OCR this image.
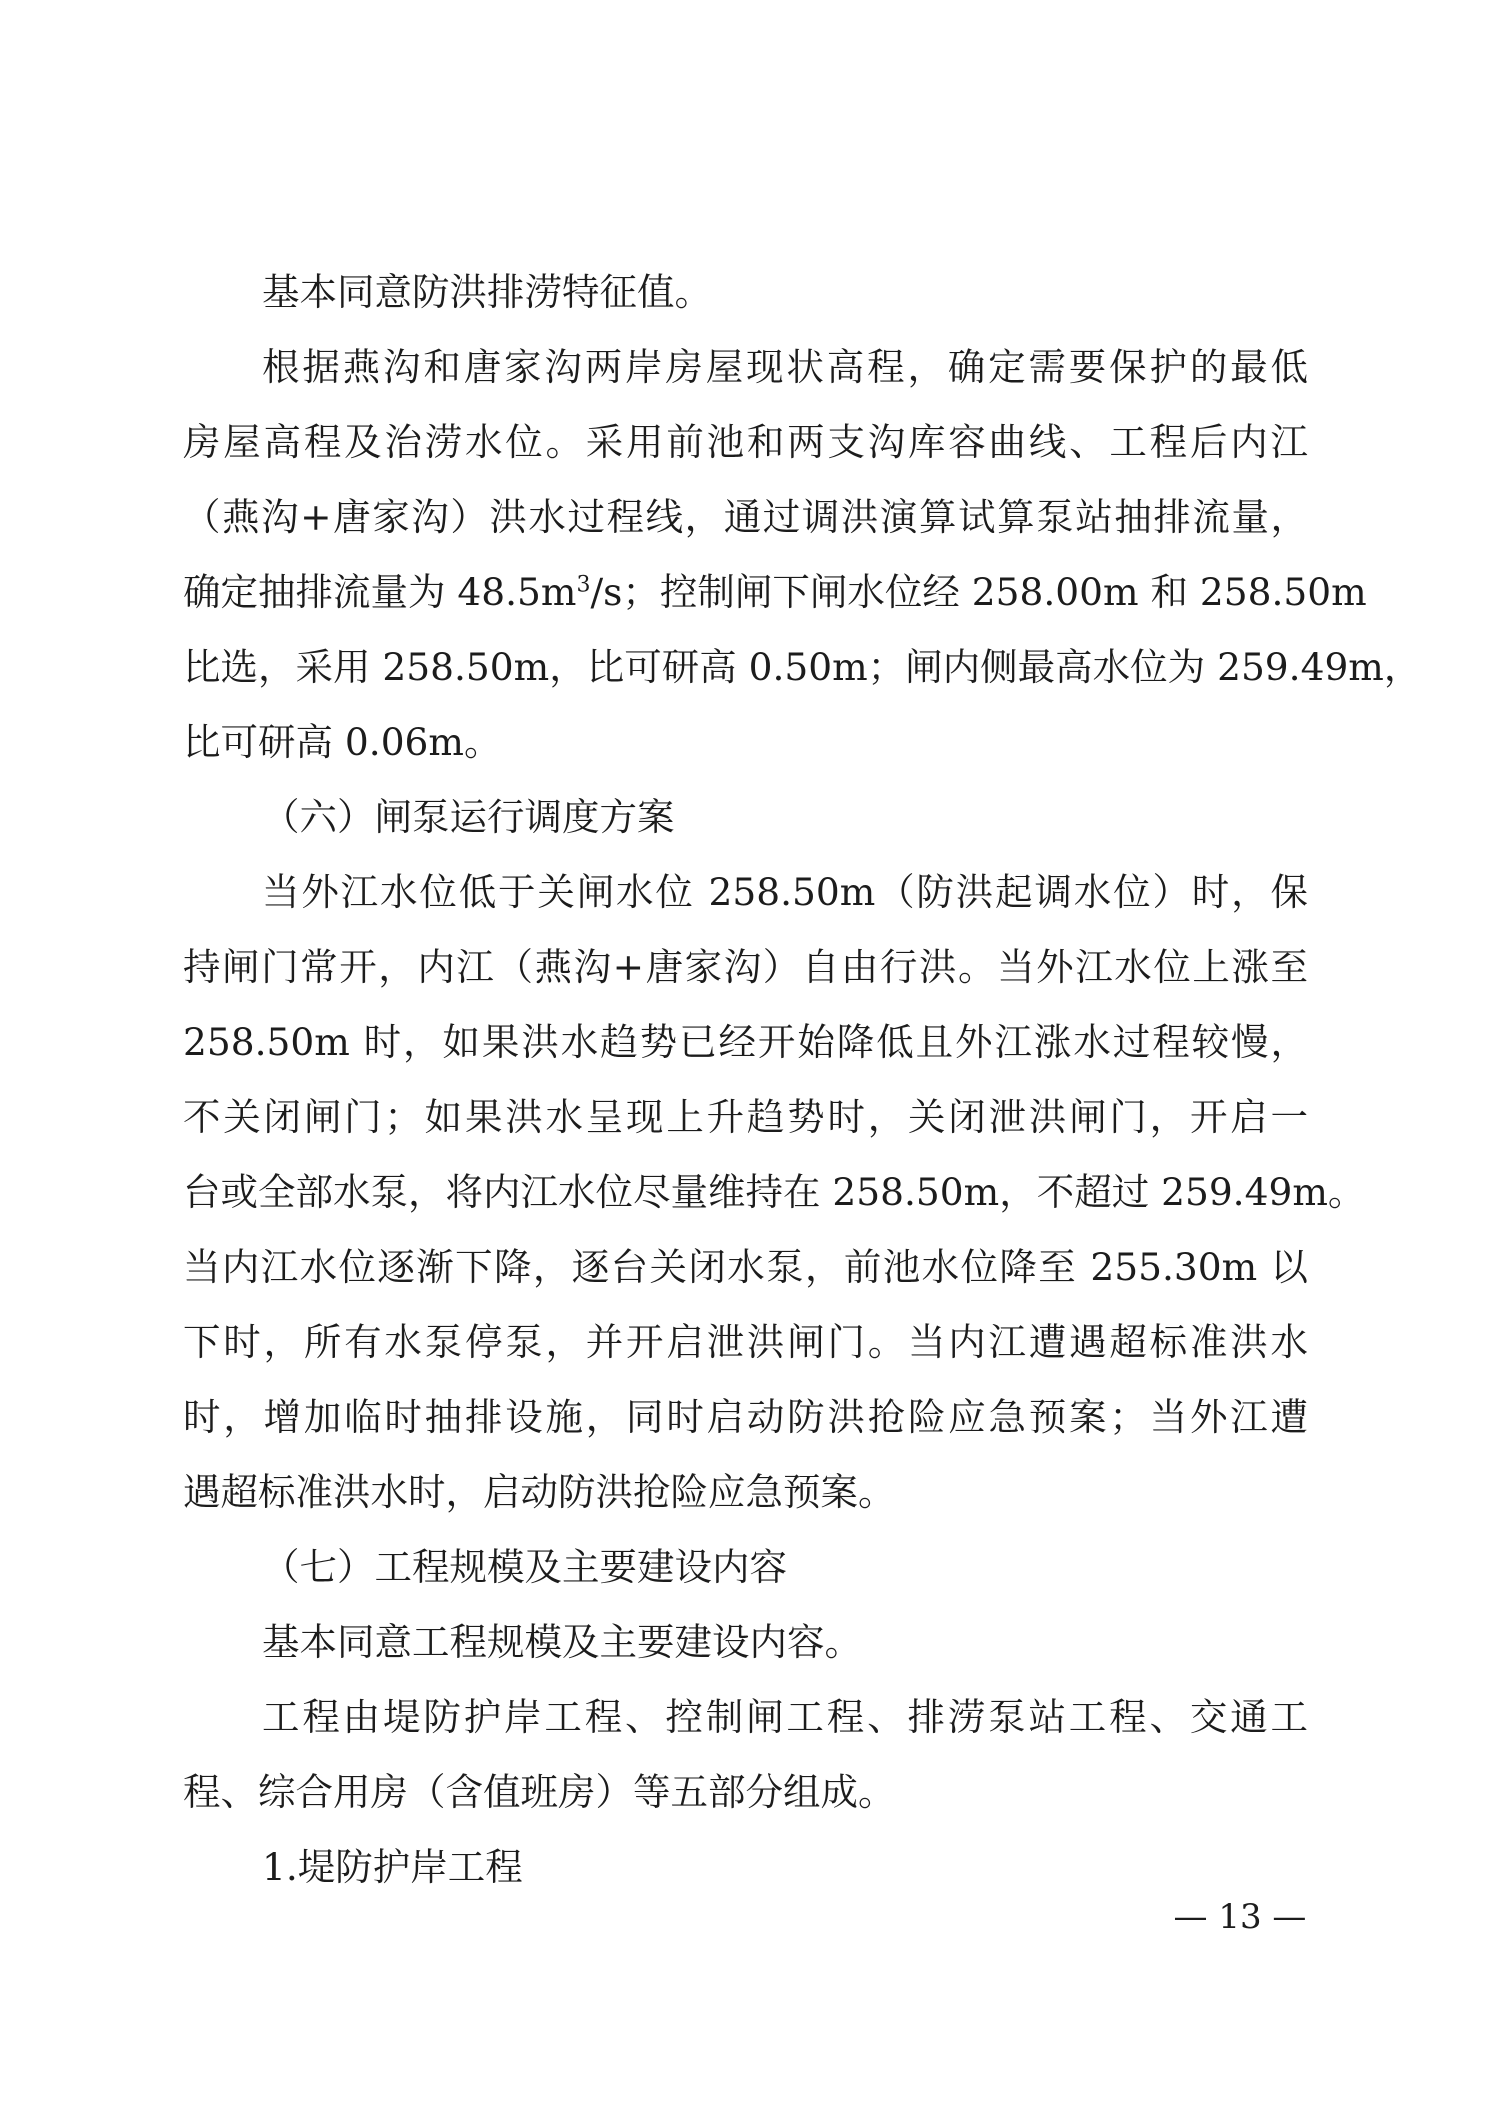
基本同意防洪排涝特征值。
根据燕沟和唐家沟两岸房屋现状高程，确定需要保护的最低
房屋高程及治涝水位。采用前池和两支沟库容曲线、工程后内江
（燕沟+唐家沟）洪水过程线，通过调洪演算试算泵站抽排流量，
确定抽排流量为 $48.5m^3/s$；控制闸下闸水位经 258.00m 和 258.50m
比选，采用 258.50m，比可研高 0.50m；闸内侧最高水位为 259.49m，
比可研高 0.06m。
（六）闸泵运行调度方案
当外江水位低于关闸水位 258.50m（防洪起调水位）时，保
持闸门常开，内江（燕沟+唐家沟）自由行洪。当外江水位上涨至
258.50m 时，如果洪水趋势已经开始降低且外江涨水过程较慢，
不关闭闸门；如果洪水呈现上升趋势时，关闭泄洪闸门，开启一
台或全部水泵，将内江水位尽量维持在 258.50m，不超过 259.49m。
当内江水位逐渐下降，逐台关闭水泵，前池水位降至 255.30m 以
下时，所有水泵停泵，并开启泄洪闸门。当内江遭遇超标准洪水
时，增加临时抽排设施，同时启动防洪抢险应急预案；当外江遭
遇超标准洪水时，启动防洪抢险应急预案。
（七）工程规模及主要建设内容
基本同意工程规模及主要建设内容。
工程由堤防护岸工程、控制闸工程、排涝泵站工程、交通工
程、综合用房（含值班房）等五部分组成。
1.堤防护岸工程
— 13 —
